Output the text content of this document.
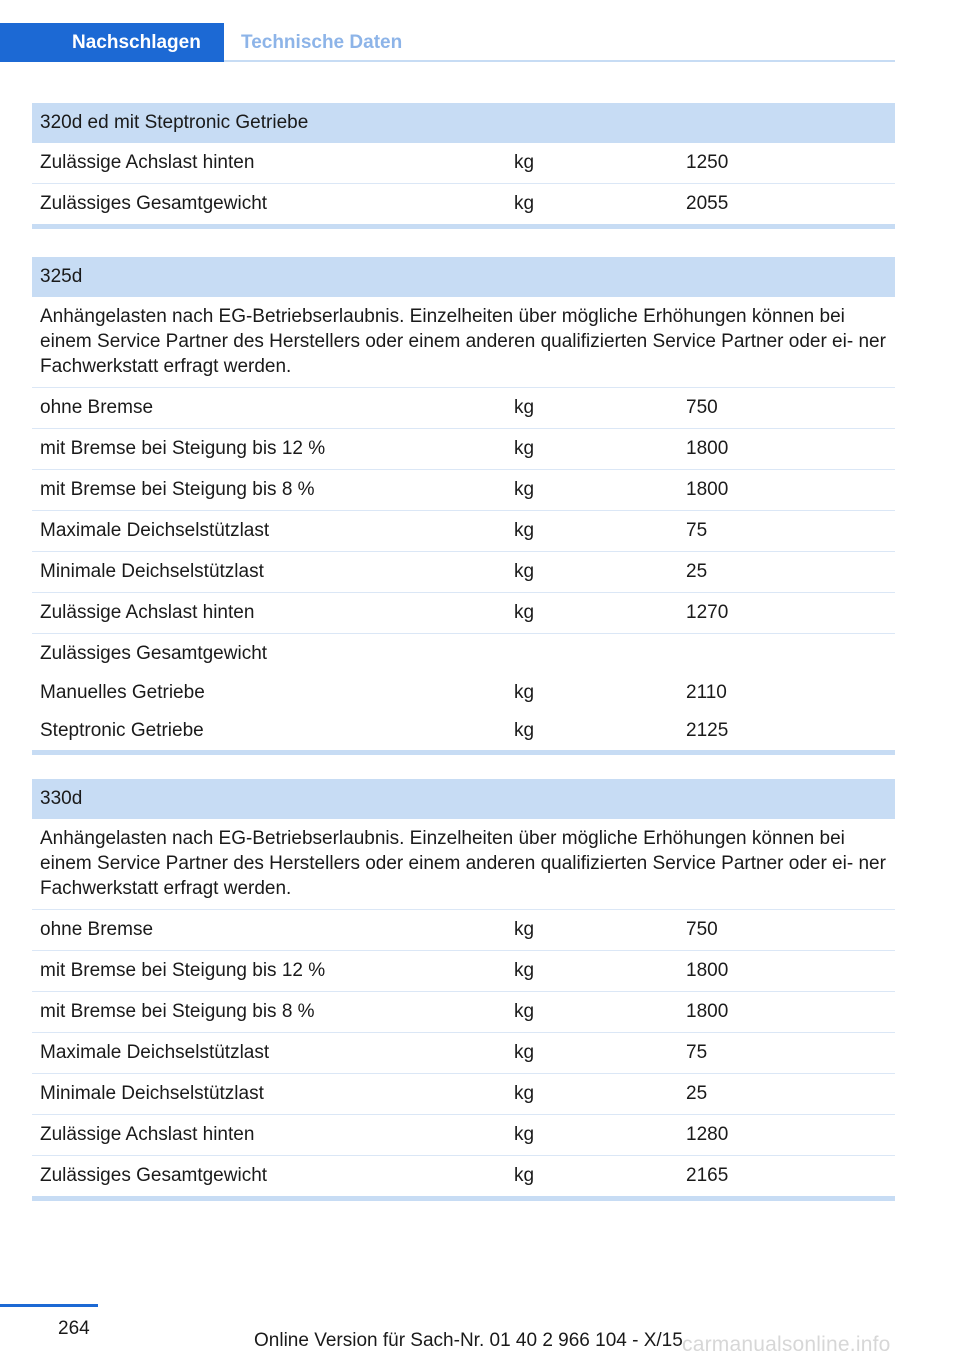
Nachschlagen	Technische Daten
320d ed mit Steptronic Getriebe
Zulässige Achslast hinten	kg	1250
Zulässiges Gesamtgewicht	kg	2055
325d
Anhängelasten nach EG-Betriebserlaubnis. Einzelheiten über mögliche Erhöhungen können bei einem Service Partner des Herstellers oder einem anderen qualifizierten Service Partner oder ei‐ ner Fachwerkstatt erfragt werden.
ohne Bremse	kg	750
mit Bremse bei Steigung bis 12 %	kg	1800
mit Bremse bei Steigung bis 8 %	kg	1800
Maximale Deichselstützlast	kg	75
Minimale Deichselstützlast	kg	25
Zulässige Achslast hinten	kg	1270
Zulässiges Gesamtgewicht
Manuelles Getriebe	kg	2110
Steptronic Getriebe	kg	2125
330d
Anhängelasten nach EG-Betriebserlaubnis. Einzelheiten über mögliche Erhöhungen können bei einem Service Partner des Herstellers oder einem anderen qualifizierten Service Partner oder ei‐ ner Fachwerkstatt erfragt werden.
ohne Bremse	kg	750
mit Bremse bei Steigung bis 12 %	kg	1800
mit Bremse bei Steigung bis 8 %	kg	1800
Maximale Deichselstützlast	kg	75
Minimale Deichselstützlast	kg	25
Zulässige Achslast hinten	kg	1280
Zulässiges Gesamtgewicht	kg	2165
264
Online Version für Sach-Nr. 01 40 2 966 104 - X/15 carmanualsonline.info
